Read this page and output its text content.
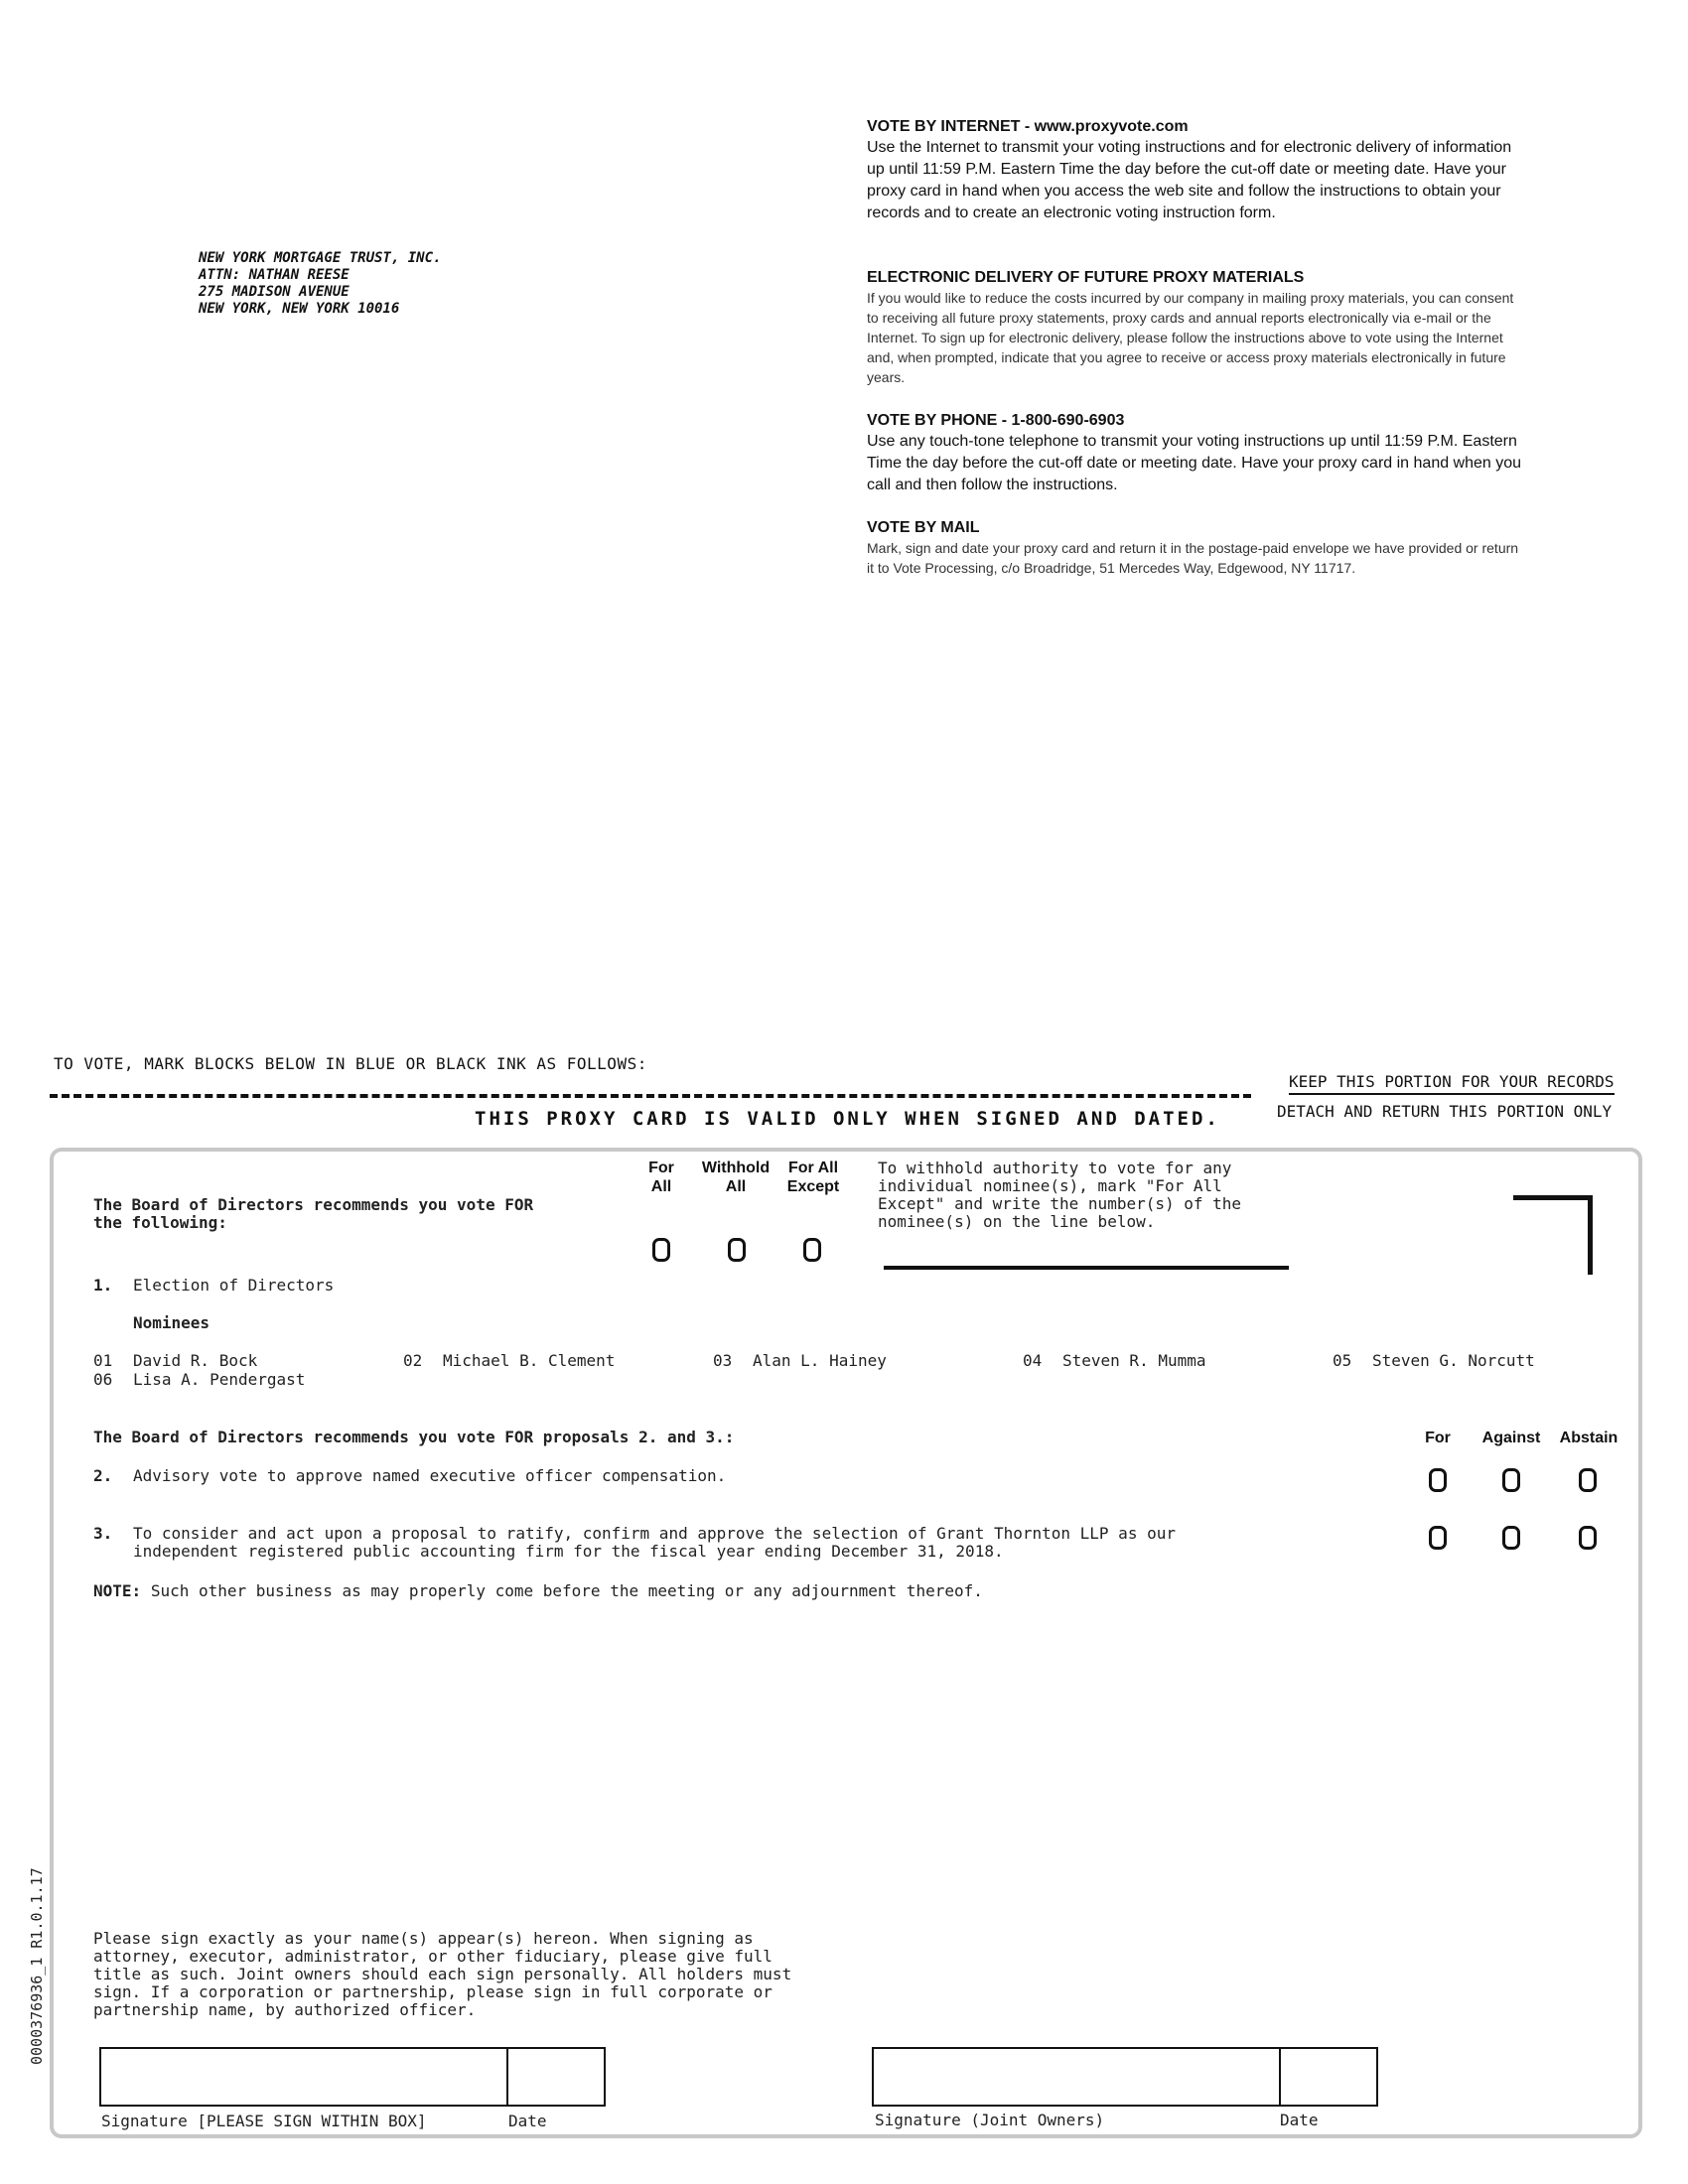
NEW YORK MORTGAGE TRUST, INC.
ATTN: NATHAN REESE
275 MADISON AVENUE
NEW YORK, NEW YORK 10016
VOTE BY INTERNET - www.proxyvote.com
Use the Internet to transmit your voting instructions and for electronic delivery of information up until 11:59 P.M. Eastern Time the day before the cut-off date or meeting date. Have your proxy card in hand when you access the web site and follow the instructions to obtain your records and to create an electronic voting instruction form.
ELECTRONIC DELIVERY OF FUTURE PROXY MATERIALS
If you would like to reduce the costs incurred by our company in mailing proxy materials, you can consent to receiving all future proxy statements, proxy cards and annual reports electronically via e-mail or the Internet. To sign up for electronic delivery, please follow the instructions above to vote using the Internet and, when prompted, indicate that you agree to receive or access proxy materials electronically in future years.
VOTE BY PHONE - 1-800-690-6903
Use any touch-tone telephone to transmit your voting instructions up until 11:59 P.M. Eastern Time the day before the cut-off date or meeting date. Have your proxy card in hand when you call and then follow the instructions.
VOTE BY MAIL
Mark, sign and date your proxy card and return it in the postage-paid envelope we have provided or return it to Vote Processing, c/o Broadridge, 51 Mercedes Way, Edgewood, NY 11717.
TO VOTE, MARK BLOCKS BELOW IN BLUE OR BLACK INK AS FOLLOWS:
KEEP THIS PORTION FOR YOUR RECORDS
THIS PROXY CARD IS VALID ONLY WHEN SIGNED AND DATED.	DETACH AND RETURN THIS PORTION ONLY
The Board of Directors recommends you vote FOR
the following:
For
All
Withhold
All
For All
Except
To withhold authority to vote for any
individual nominee(s), mark "For All
Except" and write the number(s) of the
nominee(s) on the line below.
1. Election of Directors
Nominees
01 David R. Bock	02 Michael B. Clement	03 Alan L. Hainey	04 Steven R. Mumma	05 Steven G. Norcutt
06 Lisa A. Pendergast
The Board of Directors recommends you vote FOR proposals 2. and 3.:	For	Against	Abstain
2. Advisory vote to approve named executive officer compensation.
3. To consider and act upon a proposal to ratify, confirm and approve the selection of Grant Thornton LLP as our
independent registered public accounting firm for the fiscal year ending December 31, 2018.
NOTE: Such other business as may properly come before the meeting or any adjournment thereof.
Please sign exactly as your name(s) appear(s) hereon. When signing as
attorney, executor, administrator, or other fiduciary, please give full
title as such. Joint owners should each sign personally. All holders must
sign. If a corporation or partnership, please sign in full corporate or
partnership name, by authorized officer.
Signature [PLEASE SIGN WITHIN BOX]	Date	Signature (Joint Owners)	Date
0000376936_1 R1.0.1.17
